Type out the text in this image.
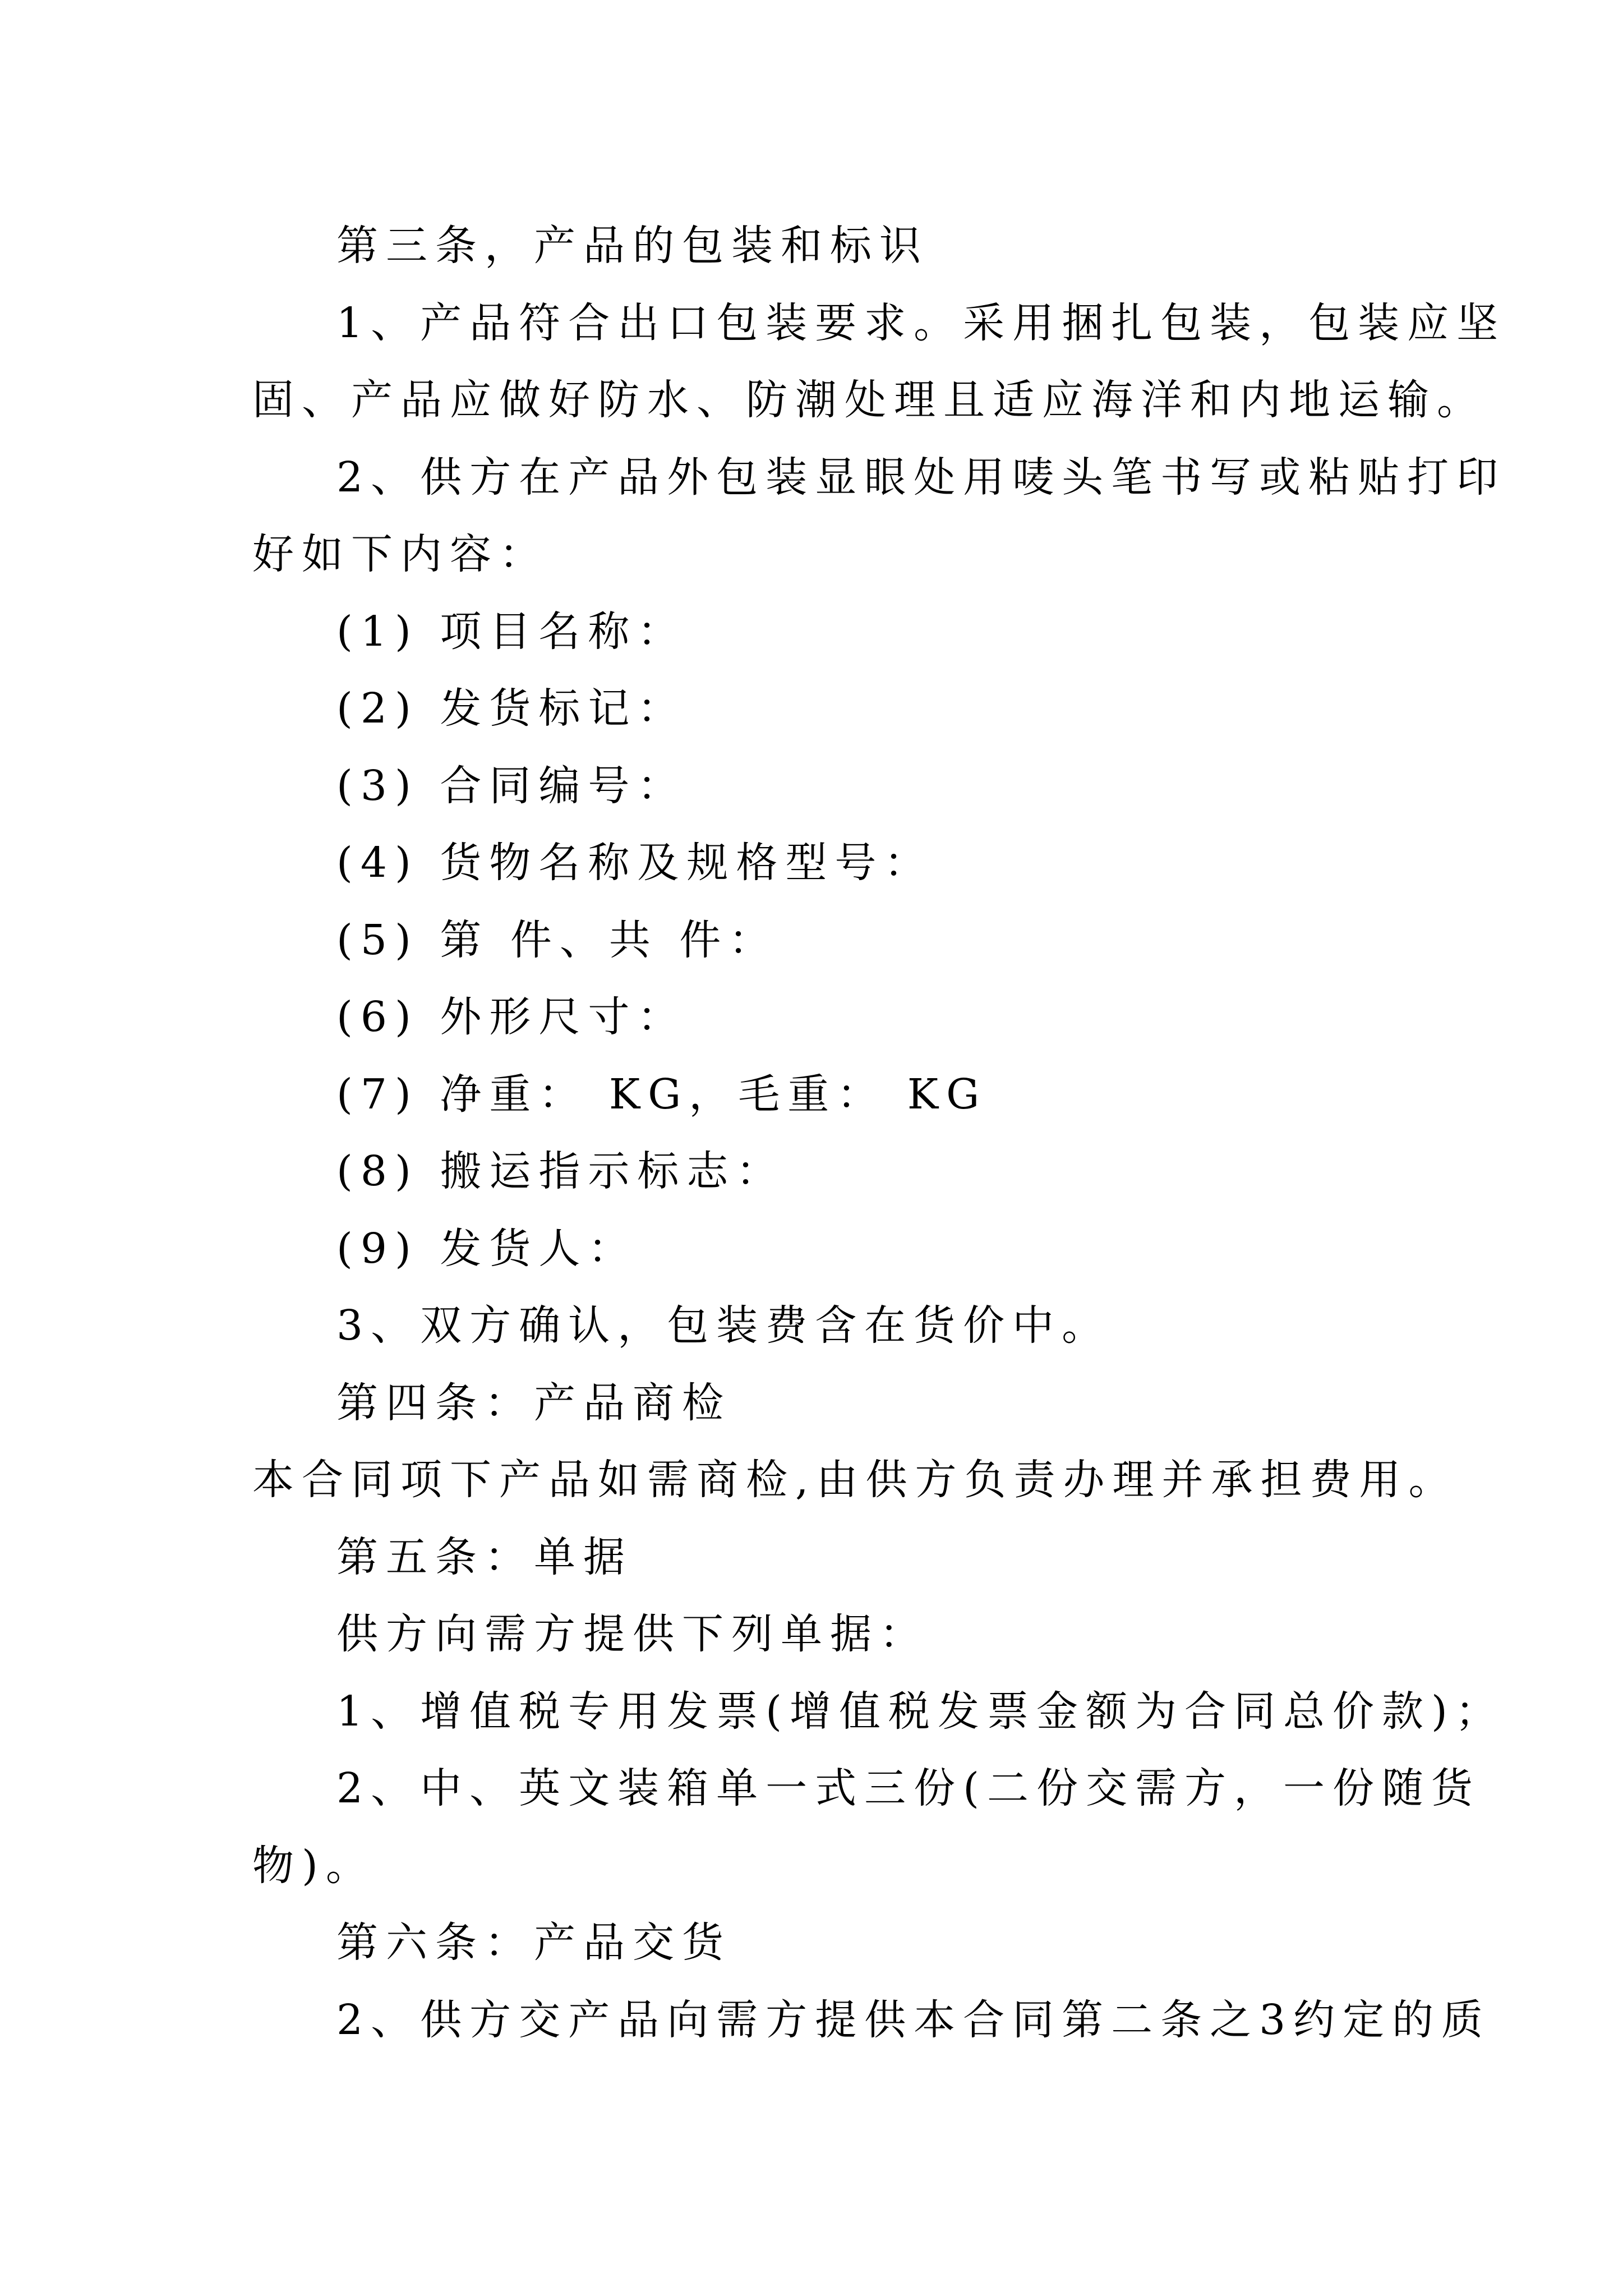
第三条，产品的包装和标识
1、产品符合出口包装要求。采用捆扎包装，包装应坚
固、产品应做好防水、防潮处理且适应海洋和内地运输。
2、供方在产品外包装显眼处用唛头笔书写或粘贴打印
好如下内容：
(1) 项目名称：
(2) 发货标记：
(3) 合同编号：
(4) 货物名称及规格型号：
(5) 第 件、共 件：
(6) 外形尺寸：
(7) 净重： KG，毛重： KG
(8) 搬运指示标志：
(9) 发货人：
3、双方确认，包装费含在货价中。
第四条：产品商检
本合同项下产品如需商检,由供方负责办理并承担费用。
第五条：单据
供方向需方提供下列单据：
1、增值税专用发票(增值税发票金额为合同总价款)；
2、中、英文装箱单一式三份(二份交需方，一份随货
物)。
第六条：产品交货
2、供方交产品向需方提供本合同第二条之3约定的质
